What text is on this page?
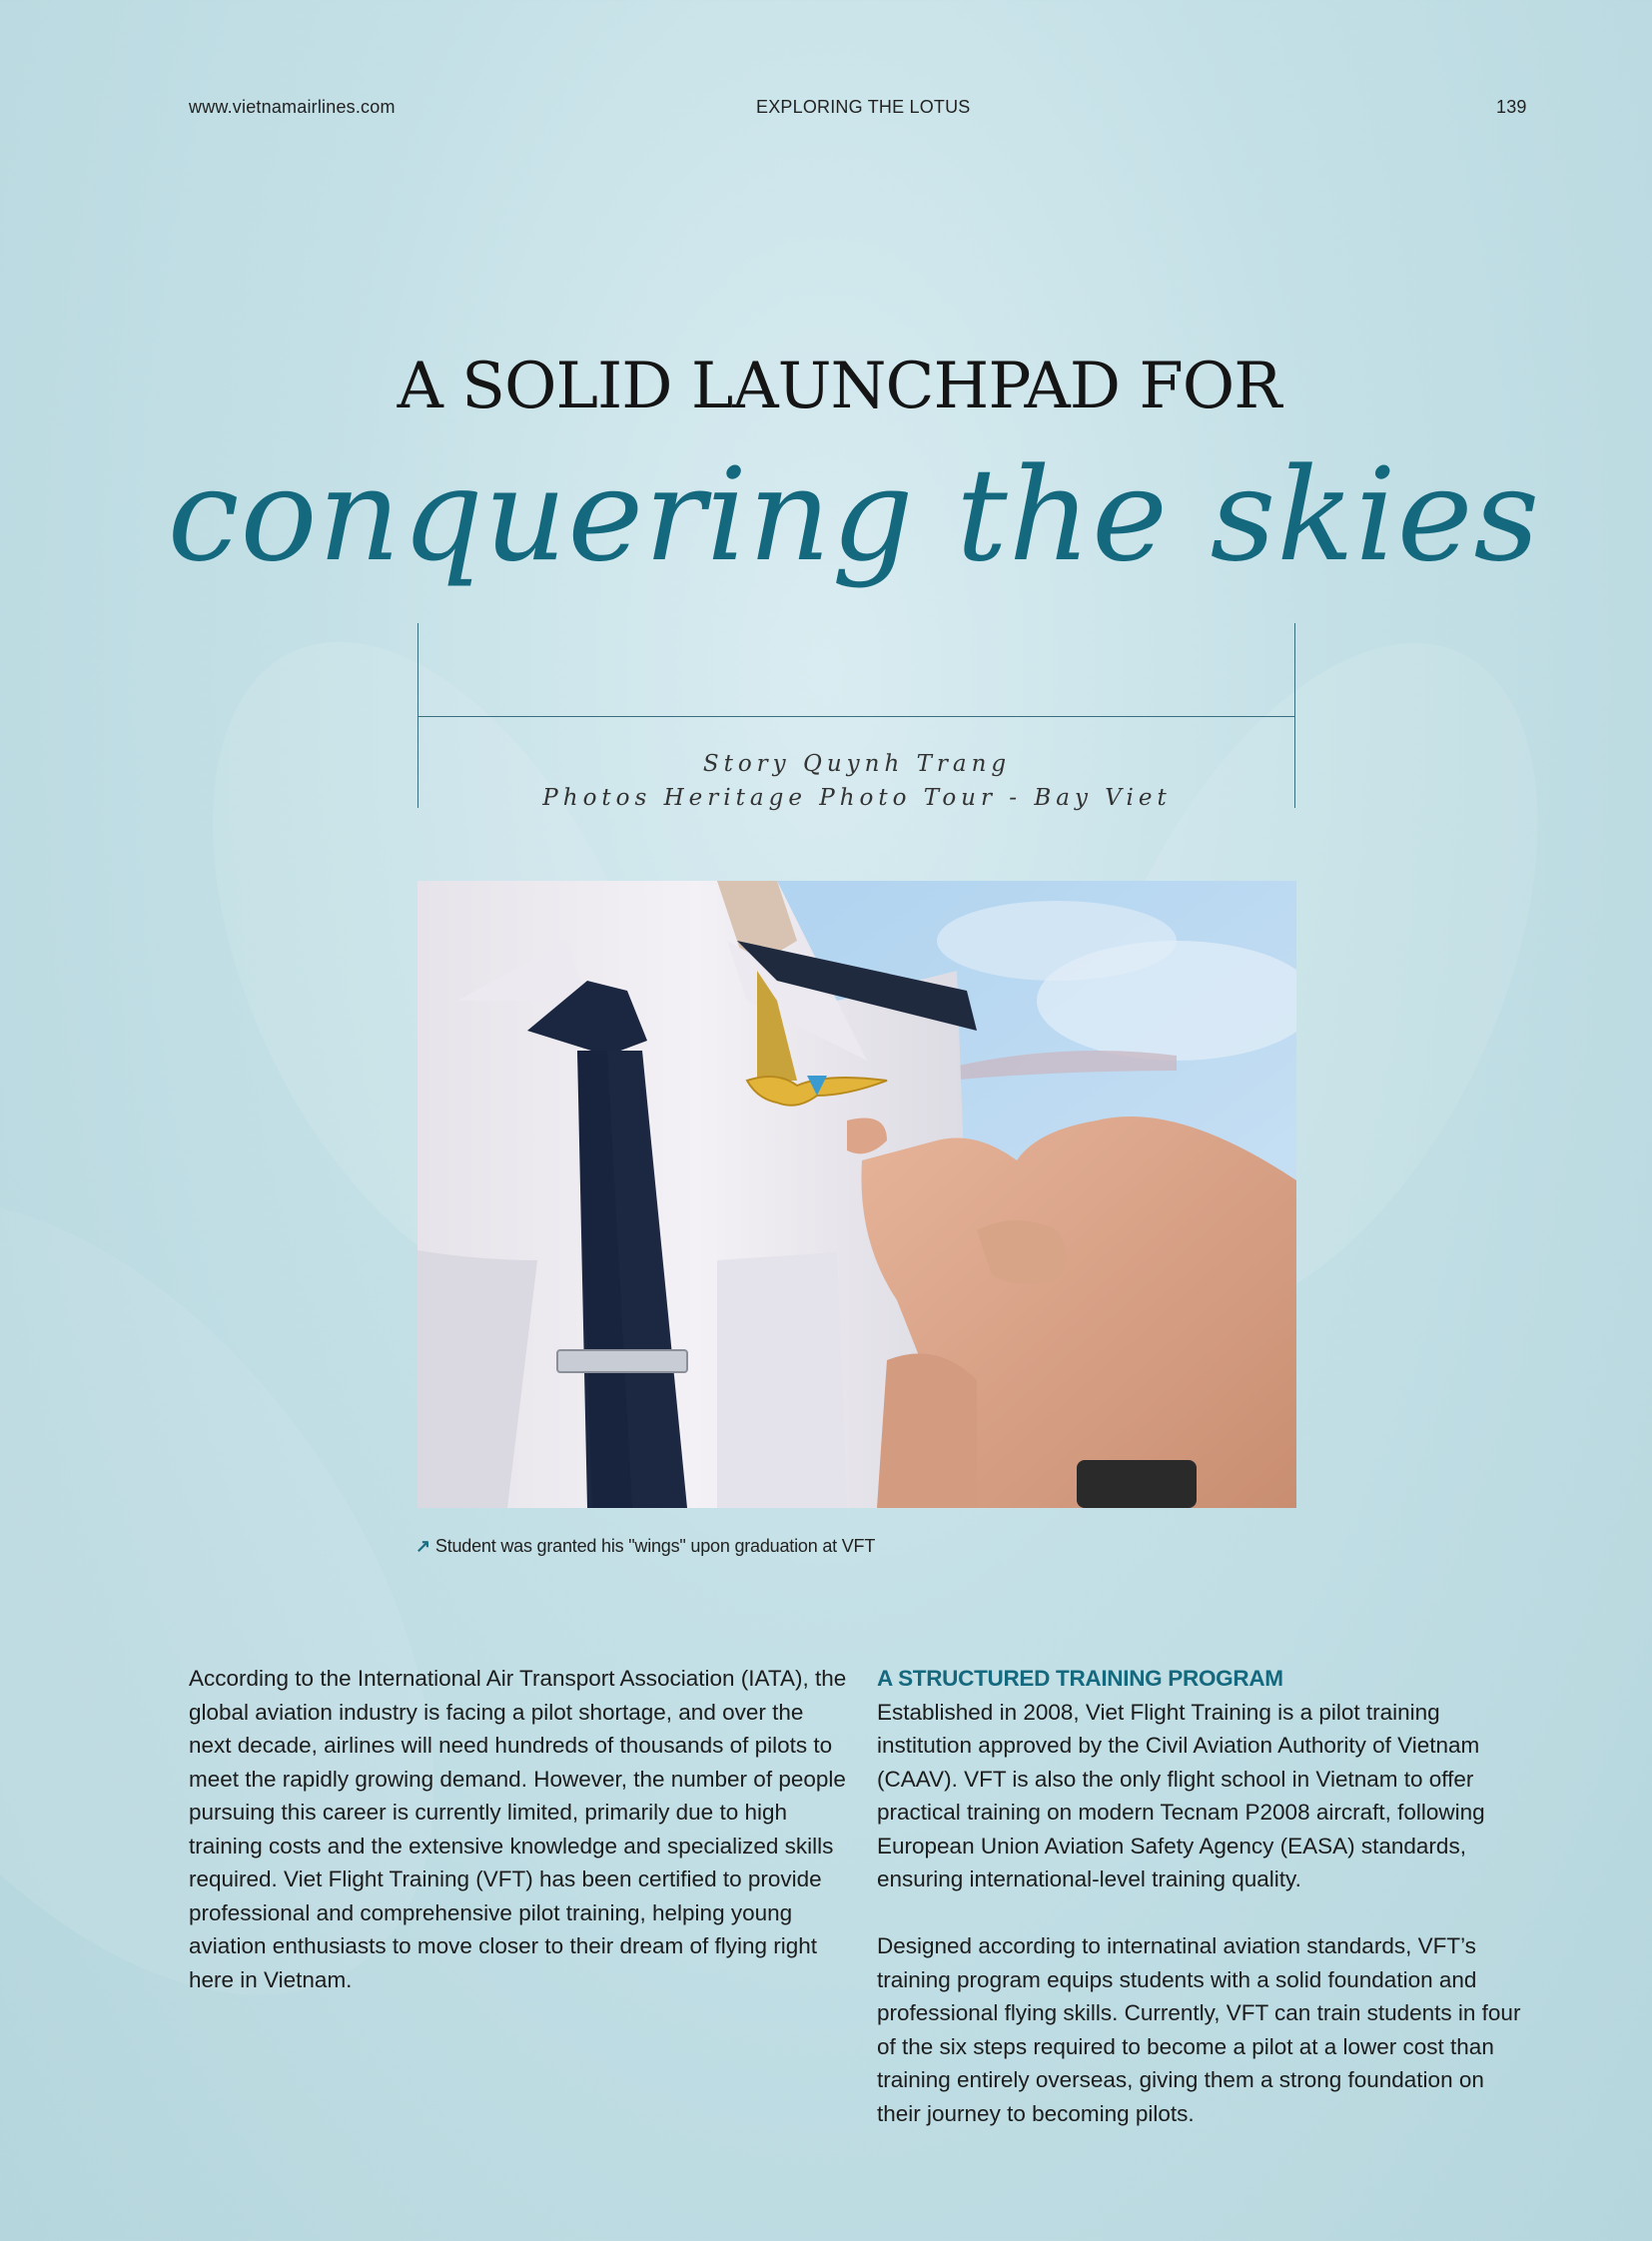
www.vietnamairlines.com	EXPLORING THE LOTUS	139
A SOLID LAUNCHPAD FOR
conquering the skies
Story Quynh Trang
Photos Heritage Photo Tour - Bay Viet
↗ Student was granted his "wings" upon graduation at VFT

According to the International Air Transport Association (IATA), the global aviation industry is facing a pilot shortage, and over the next decade, airlines will need hundreds of thousands of pilots to meet the rapidly growing demand. However, the number of people pursuing this career is currently limited, primarily due to high training costs and the extensive knowledge and specialized skills required. Viet Flight Training (VFT) has been certified to provide professional and comprehensive pilot training, helping young aviation enthusiasts to move closer to their dream of flying right here in Vietnam.

A STRUCTURED TRAINING PROGRAM

Established in 2008, Viet Flight Training is a pilot training institution approved by the Civil Aviation Authority of Vietnam (CAAV). VFT is also the only flight school in Vietnam to offer practical training on modern Tecnam P2008 aircraft, following European Union Aviation Safety Agency (EASA) standards, ensuring international-level training quality.

Designed according to internatinal aviation standards, VFT’s training program equips students with a solid foundation and professional flying skills. Currently, VFT can train students in four of the six steps required to become a pilot at a lower cost than training entirely overseas, giving them a strong foundation on their journey to becoming pilots.
